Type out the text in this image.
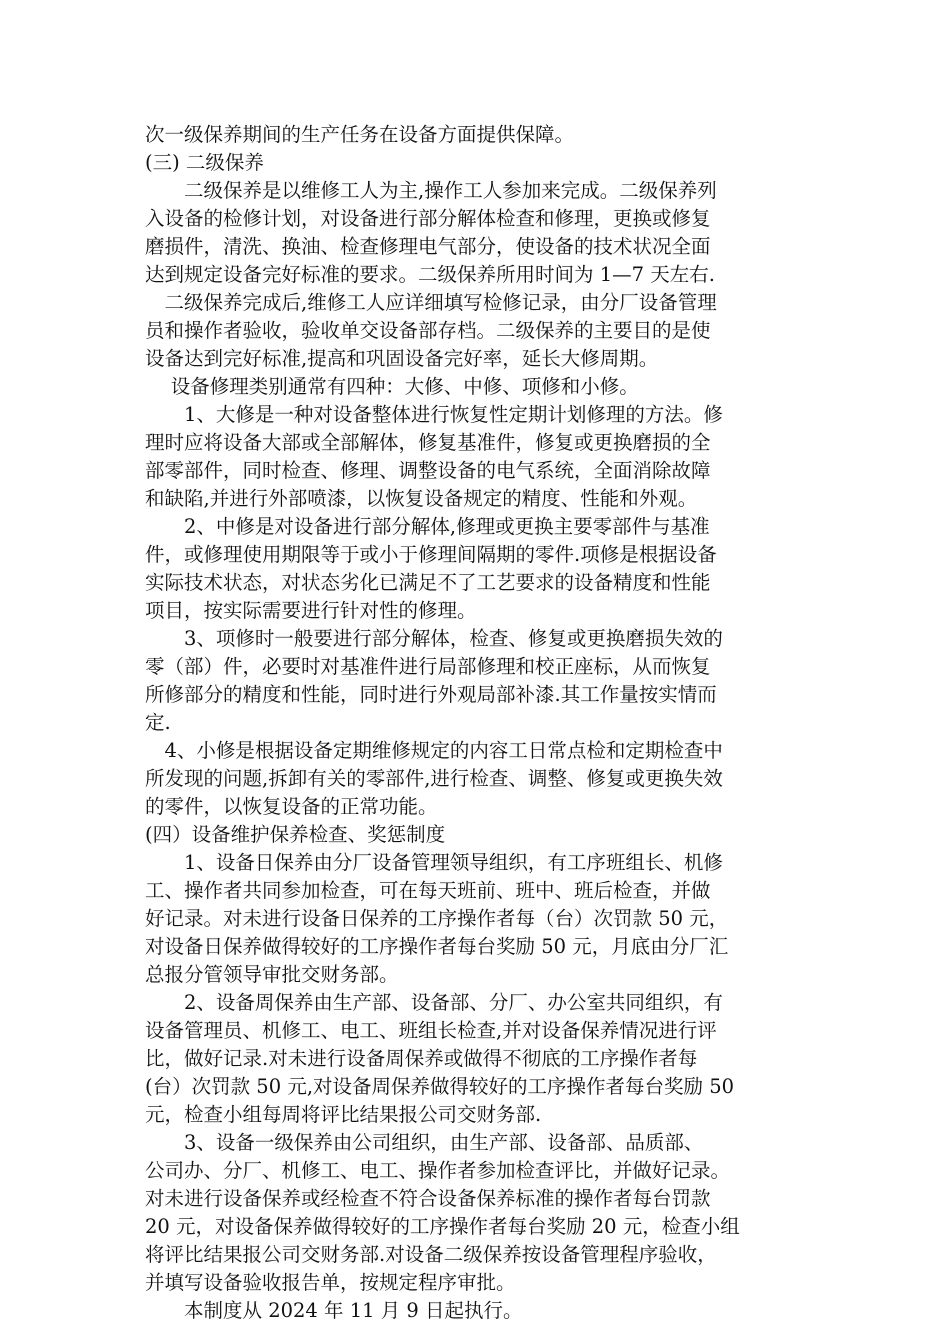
次一级保养期间的生产任务在设备方面提供保障。
(三) 二级保养
　　二级保养是以维修工人为主,操作工人参加来完成。二级保养列
入设备的检修计划，对设备进行部分解体检查和修理，更换或修复
磨损件，清洗、换油、检查修理电气部分，使设备的技术状况全面
达到规定设备完好标准的要求。二级保养所用时间为 1—7 天左右.
　二级保养完成后,维修工人应详细填写检修记录，由分厂设备管理
员和操作者验收，验收单交设备部存档。二级保养的主要目的是使
设备达到完好标准,提高和巩固设备完好率，延长大修周期。
　 设备修理类别通常有四种：大修、中修、项修和小修。
　　1、大修是一种对设备整体进行恢复性定期计划修理的方法。修
理时应将设备大部或全部解体，修复基准件，修复或更换磨损的全
部零部件，同时检查、修理、调整设备的电气系统，全面消除故障
和缺陷,并进行外部喷漆，以恢复设备规定的精度、性能和外观。
　　2、中修是对设备进行部分解体,修理或更换主要零部件与基准
件，或修理使用期限等于或小于修理间隔期的零件.项修是根据设备
实际技术状态，对状态劣化已满足不了工艺要求的设备精度和性能
项目，按实际需要进行针对性的修理。
　　3、项修时一般要进行部分解体，检查、修复或更换磨损失效的
零（部）件，必要时对基准件进行局部修理和校正座标，从而恢复
所修部分的精度和性能，同时进行外观局部补漆.其工作量按实情而
定.
　4、小修是根据设备定期维修规定的内容工日常点检和定期检查中
所发现的问题,拆卸有关的零部件,进行检查、调整、修复或更换失效
的零件，以恢复设备的正常功能。
(四）设备维护保养检查、奖惩制度
　　1、设备日保养由分厂设备管理领导组织，有工序班组长、机修
工、操作者共同参加检查，可在每天班前、班中、班后检查，并做
好记录。对未进行设备日保养的工序操作者每（台）次罚款 50 元，
对设备日保养做得较好的工序操作者每台奖励 50 元，月底由分厂汇
总报分管领导审批交财务部。
　　2、设备周保养由生产部、设备部、分厂、办公室共同组织，有
设备管理员、机修工、电工、班组长检查,并对设备保养情况进行评
比，做好记录.对未进行设备周保养或做得不彻底的工序操作者每
(台）次罚款 50 元,对设备周保养做得较好的工序操作者每台奖励 50
元，检查小组每周将评比结果报公司交财务部.
　　3、设备一级保养由公司组织，由生产部、设备部、品质部、
公司办、分厂、机修工、电工、操作者参加检查评比，并做好记录。
对未进行设备保养或经检查不符合设备保养标准的操作者每台罚款
20 元，对设备保养做得较好的工序操作者每台奖励 20 元，检查小组
将评比结果报公司交财务部.对设备二级保养按设备管理程序验收，
并填写设备验收报告单，按规定程序审批。
　　本制度从 2024 年 11 月 9 日起执行。
